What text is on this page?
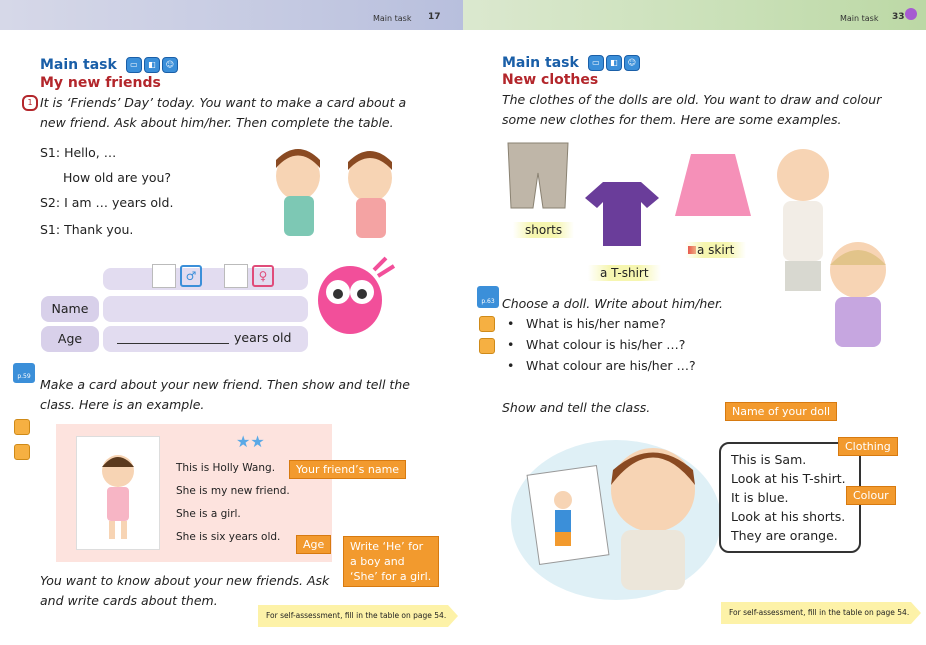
Main task 17
Main task ▭ ◧ ☺
My new friends
1 It is ‘Friends’ Day’ today. You want to make a card about a new friend. Ask about him/her. Then complete the table.
S1: Hello, …
How old are you?
S2: I am … years old.
S1: Thank you.
♂	♀
Name
Age	years old
p.59
Make a card about your new friend. Then show and tell the class. Here is an example.
★★
This is Holly Wang.
She is my new friend.
She is a girl.
She is six years old.
Your friend’s name
Age	Write ‘He’ for a boy and ‘She’ for a girl.
You want to know about your new friends. Ask and write cards about them.
For self-assessment, fill in the table on page 54.
Main task 33
Main task ▭ ◧ ☺
New clothes
The clothes of the dolls are old. You want to draw and colour some new clothes for them. Here are some examples.
shorts
a T-shirt
a skirt
p.63 Choose a doll. Write about him/her.
• What is his/her name?
• What colour is his/her …?
• What colour are his/her …?
Show and tell the class.
This is Sam.
Look at his T-shirt.
It is blue.
Look at his shorts.
They are orange.
Name of your doll
Clothing
Colour
For self-assessment, fill in the table on page 54.
